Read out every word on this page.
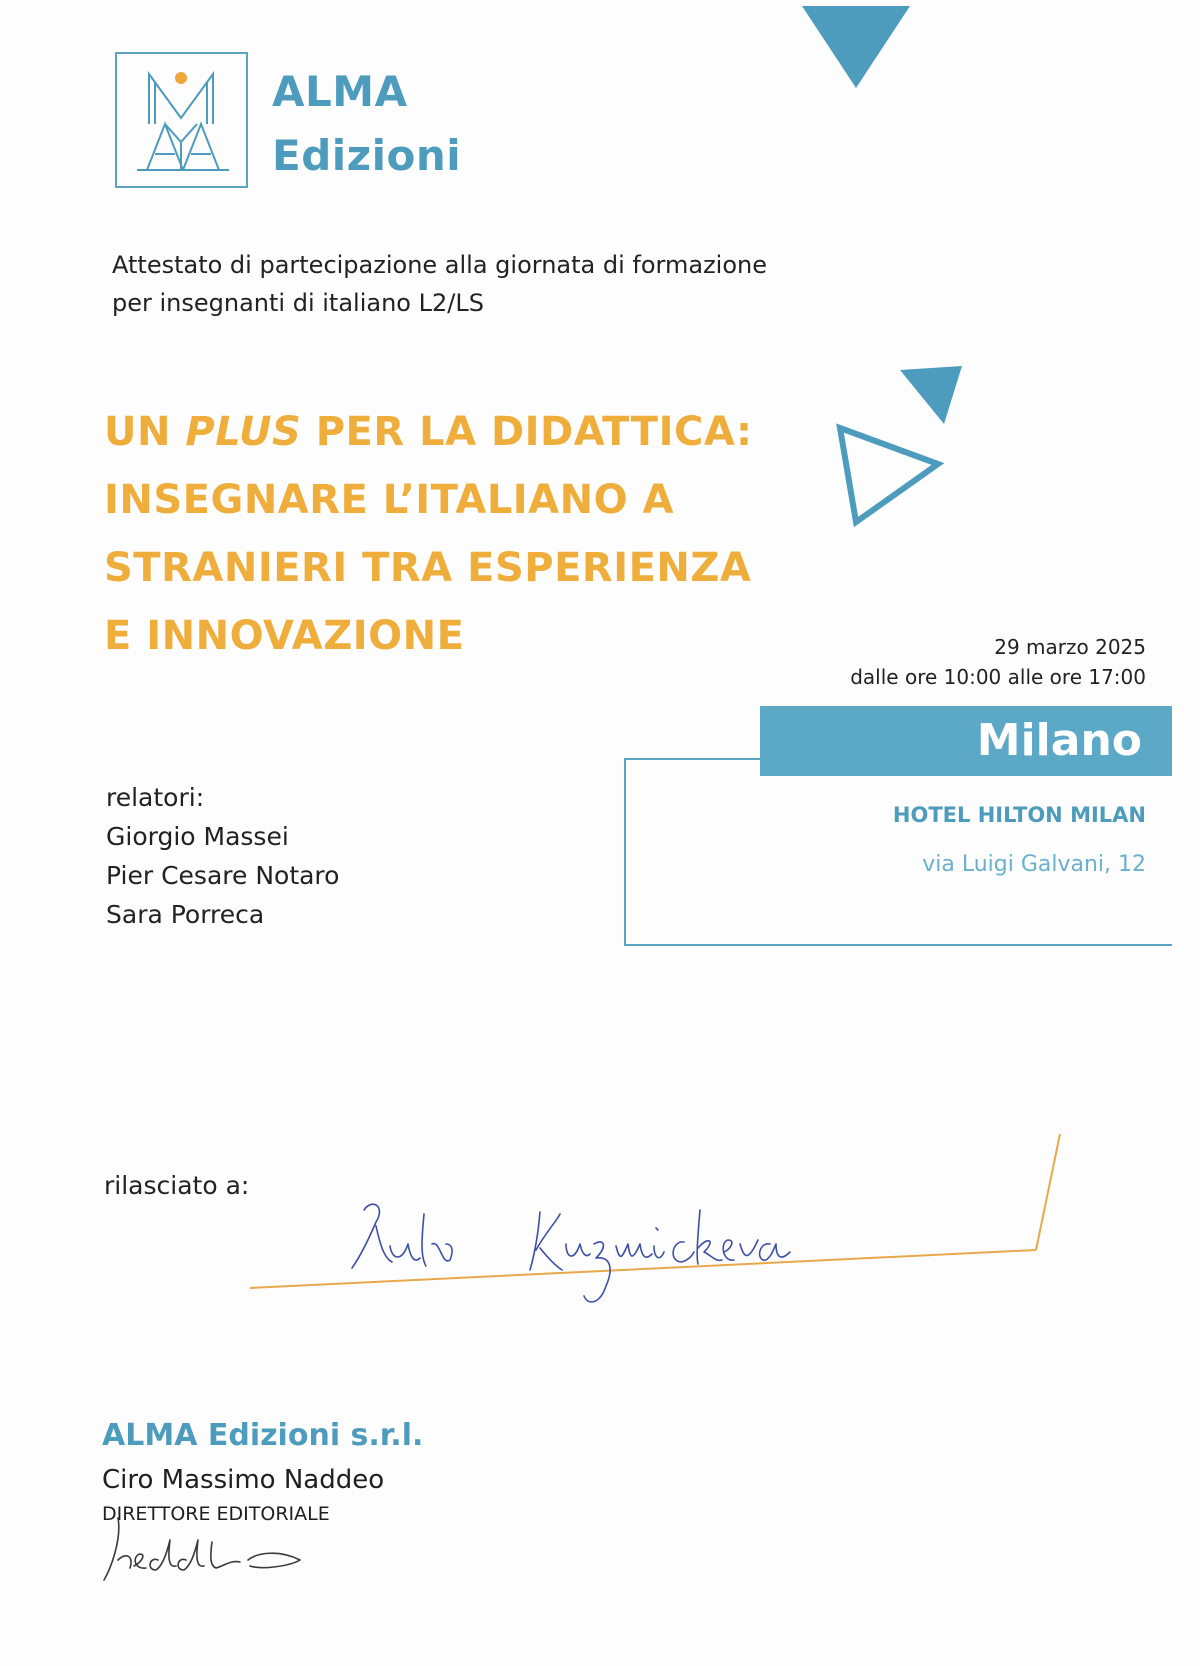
ALMA
Edizioni
Attestato di partecipazione alla giornata di formazione
per insegnanti di italiano L2/LS
UN PLUS PER LA DIDATTICA:
INSEGNARE L’ITALIANO A
STRANIERI TRA ESPERIENZA
E INNOVAZIONE	29 marzo 2025
dalle ore 10:00 alle ore 17:00
Milano
HOTEL HILTON MILAN
via Luigi Galvani, 12
relatori:
Giorgio Massei
Pier Cesare Notaro
Sara Porreca
rilasciato a:
ALMA Edizioni s.r.l.
Ciro Massimo Naddeo
DIRETTORE EDITORIALE
